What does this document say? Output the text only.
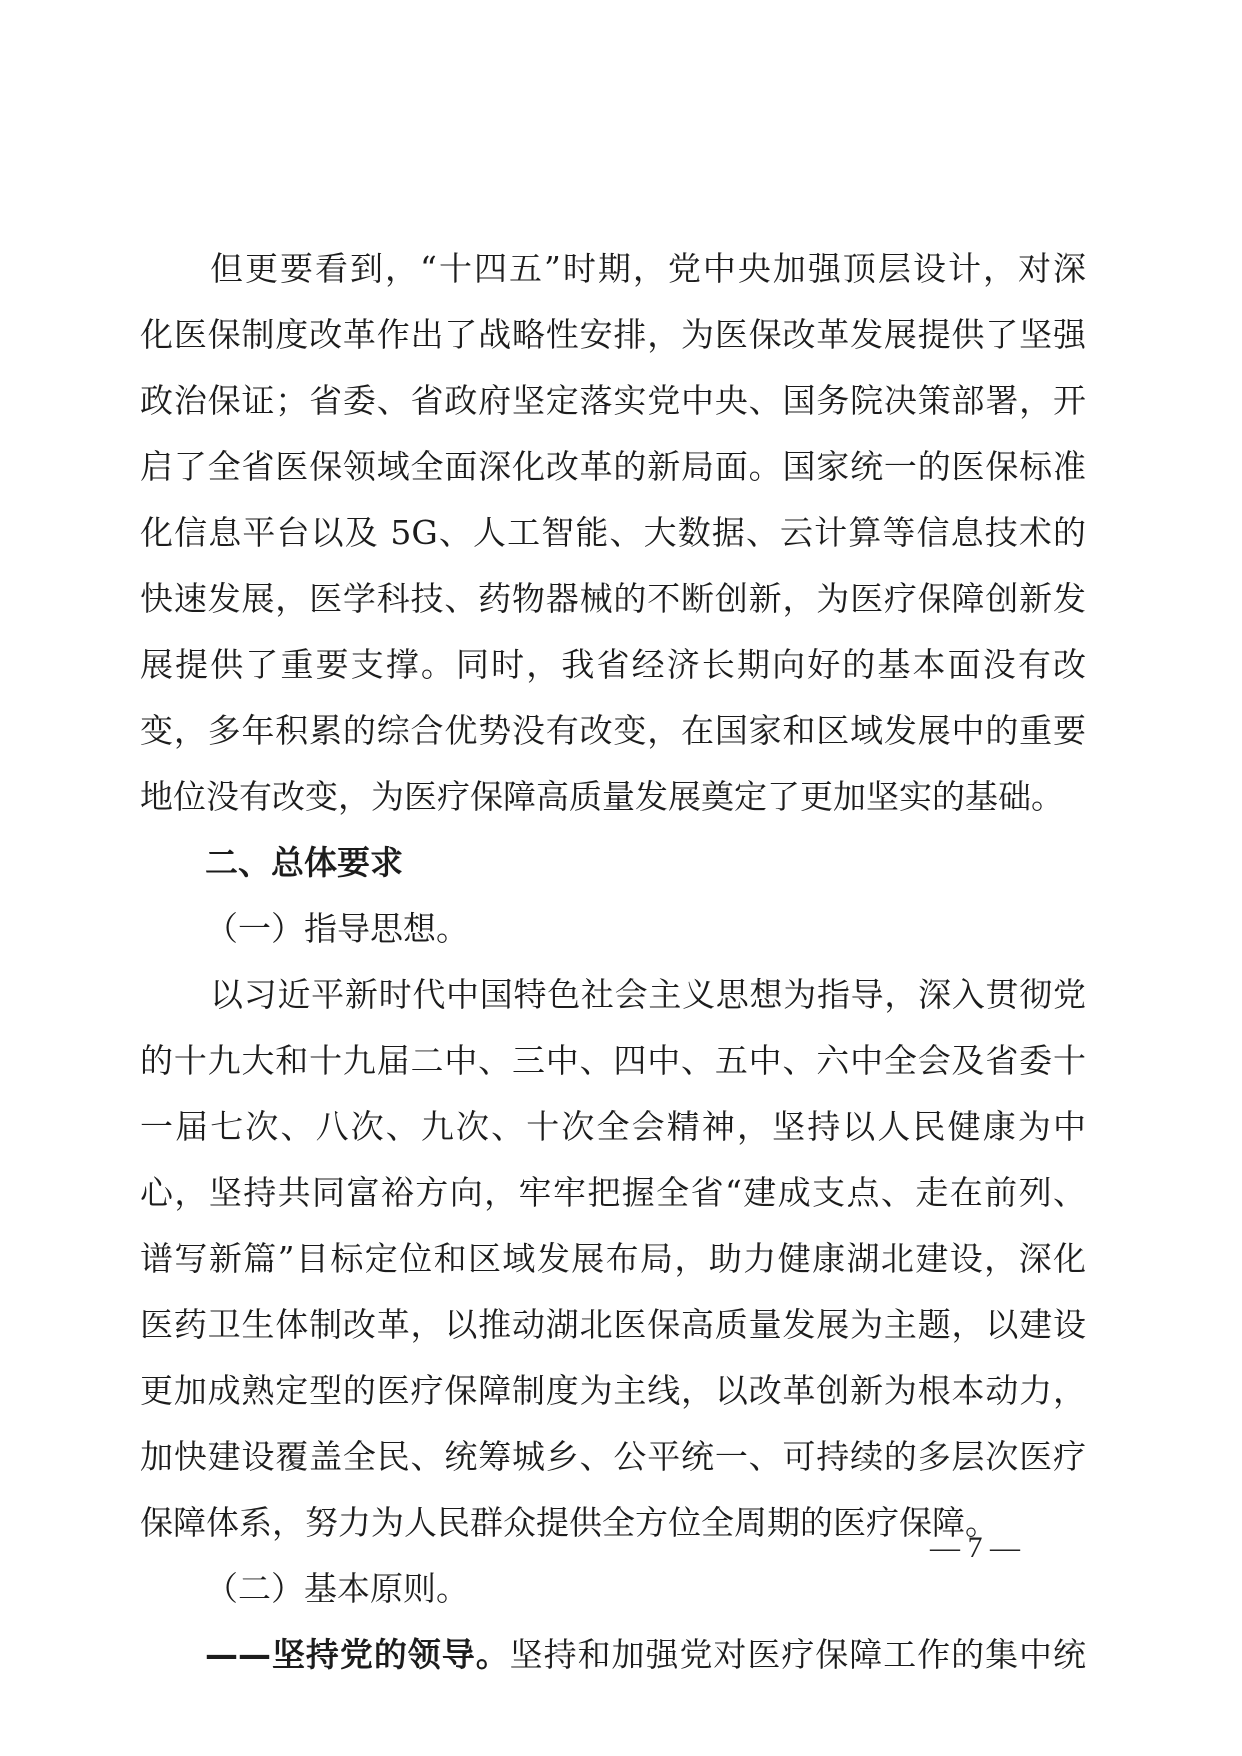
但更要看到，“十四五”时期，党中央加强顶层设计，对深
化医保制度改革作出了战略性安排，为医保改革发展提供了坚强
政治保证；省委、省政府坚定落实党中央、国务院决策部署，开
启了全省医保领域全面深化改革的新局面。国家统一的医保标准
化信息平台以及 5G、人工智能、大数据、云计算等信息技术的
快速发展，医学科技、药物器械的不断创新，为医疗保障创新发
展提供了重要支撑。同时，我省经济长期向好的基本面没有改
变，多年积累的综合优势没有改变，在国家和区域发展中的重要
地位没有改变，为医疗保障高质量发展奠定了更加坚实的基础。
二、总体要求
（一）指导思想。
以习近平新时代中国特色社会主义思想为指导，深入贯彻党
的十九大和十九届二中、三中、四中、五中、六中全会及省委十
一届七次、八次、九次、十次全会精神，坚持以人民健康为中
心，坚持共同富裕方向，牢牢把握全省“建成支点、走在前列、
谱写新篇”目标定位和区域发展布局，助力健康湖北建设，深化
医药卫生体制改革，以推动湖北医保高质量发展为主题，以建设
更加成熟定型的医疗保障制度为主线，以改革创新为根本动力，
加快建设覆盖全民、统筹城乡、公平统一、可持续的多层次医疗
保障体系，努力为人民群众提供全方位全周期的医疗保障。
（二）基本原则。
——坚持党的领导。坚持和加强党对医疗保障工作的集中统
— 7 —
